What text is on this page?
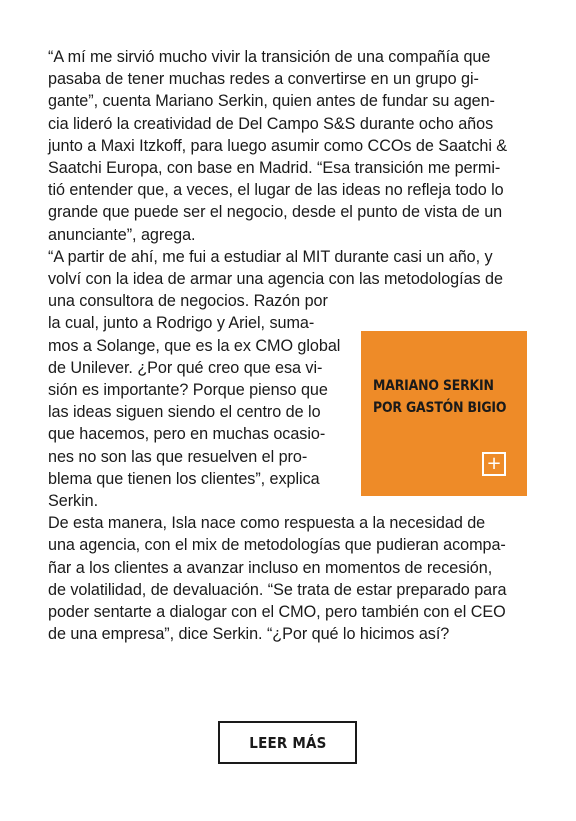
“A mí me sirvió mucho vivir la transición de una compañía que
pasaba de tener muchas redes a convertirse en un grupo gi-
gante”, cuenta Mariano Serkin, quien antes de fundar su agen-
cia lideró la creatividad de Del Campo S&S durante ocho años
junto a Maxi Itzkoff, para luego asumir como CCOs de Saatchi &
Saatchi Europa, con base en Madrid. “Esa transición me permi-
tió entender que, a veces, el lugar de las ideas no refleja todo lo
grande que puede ser el negocio, desde el punto de vista de un
anunciante”, agrega.

“A partir de ahí, me fui a estudiar al MIT durante casi un año, y
volví con la idea de armar una agencia con las metodologías de
una consultora de negocios. Razón por
la cual, junto a Rodrigo y Ariel, suma-
mos a Solange, que es la ex CMO global
de Unilever. ¿Por qué creo que esa vi-
sión es importante? Porque pienso que
las ideas siguen siendo el centro de lo
que hacemos, pero en muchas ocasio-
nes no son las que resuelven el pro-
blema que tienen los clientes”, explica
Serkin.

De esta manera, Isla nace como respuesta a la necesidad de
una agencia, con el mix de metodologías que pudieran acompa-
ñar a los clientes a avanzar incluso en momentos de recesión,
de volatilidad, de devaluación. “Se trata de estar preparado para
poder sentarte a dialogar con el CMO, pero también con el CEO
de una empresa”, dice Serkin. “¿Por qué lo hicimos así?

MARIANO SERKIN
POR GASTÓN BIGIO
+
LEER MÁS
